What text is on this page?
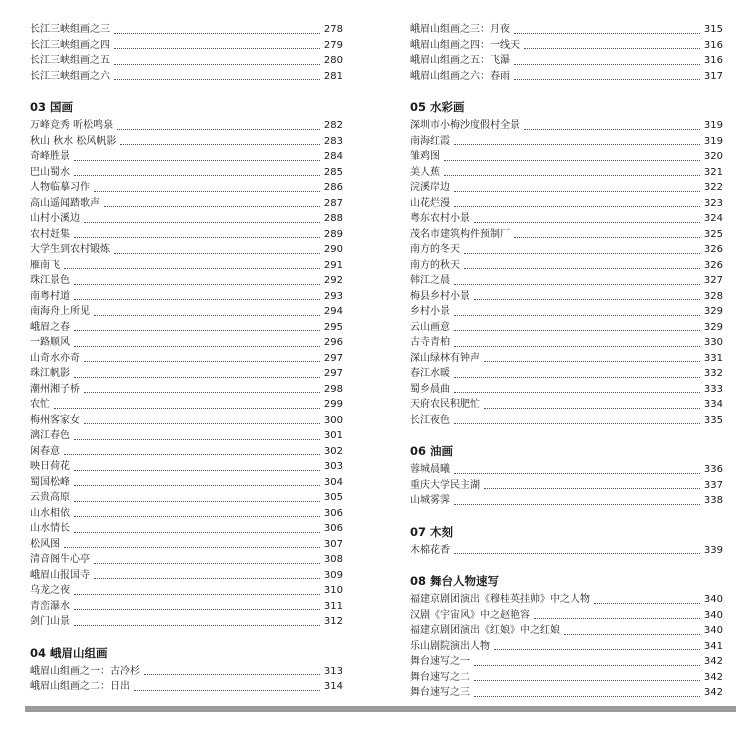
长江三峡组画之三	278
长江三峡组画之四	279
长江三峡组画之五	280
长江三峡组画之六	281
03 国画
万峰竞秀 听松鸣泉	282
秋山 秋水 松风帆影	283
奇峰胜景	284
巴山蜀水	285
人物临摹习作	286
高山遥闻踏歌声	287
山村小溪边	288
农村赶集	289
大学生到农村锻炼	290
雁南飞	291
珠江景色	292
南粤村道	293
南海舟上所见	294
峨眉之春	295
一路顺风	296
山奇水亦奇	297
珠江帆影	297
潮州湘子桥	298
农忙	299
梅州客家女	300
漓江春色	301
闲春意	302
映日荷花	303
蜀国松峰	304
云贵高原	305
山水相依	306
山水情长	306
松风图	307
清音阁牛心亭	308
峨眉山报国寺	309
乌龙之夜	310
青峦瀑水	311
剑门山景	312
04 峨眉山组画
峨眉山组画之一：古冷杉	313
峨眉山组画之二：日出	314
峨眉山组画之三：月夜	315
峨眉山组画之四：一线天	316
峨眉山组画之五：飞瀑	316
峨眉山组画之六：春雨	317
05 水彩画
深圳市小梅沙度假村全景	319
南海红霞	319
雏鸡图	320
美人蕉	321
浣溪岸边	322
山花烂漫	323
粤东农村小景	324
茂名市建筑构件预制厂	325
南方的冬天	326
南方的秋天	326
韩江之晨	327
梅县乡村小景	328
乡村小景	329
云山画意	329
古寺青柏	330
深山绿林有钟声	331
春江水暖	332
蜀乡晨曲	333
天府农民积肥忙	334
长江夜色	335
06 油画
蓉城晨曦	336
重庆大学民主湖	337
山城雾霁	338
07 木刻
木棉花香	339
08 舞台人物速写
福建京剧团演出《穆桂英挂帅》中之人物	340
汉剧《宇宙风》中之赵艳容	340
福建京剧团演出《红娘》中之红娘	340
乐山剧院演出人物	341
舞台速写之一	342
舞台速写之二	342
舞台速写之三	342
